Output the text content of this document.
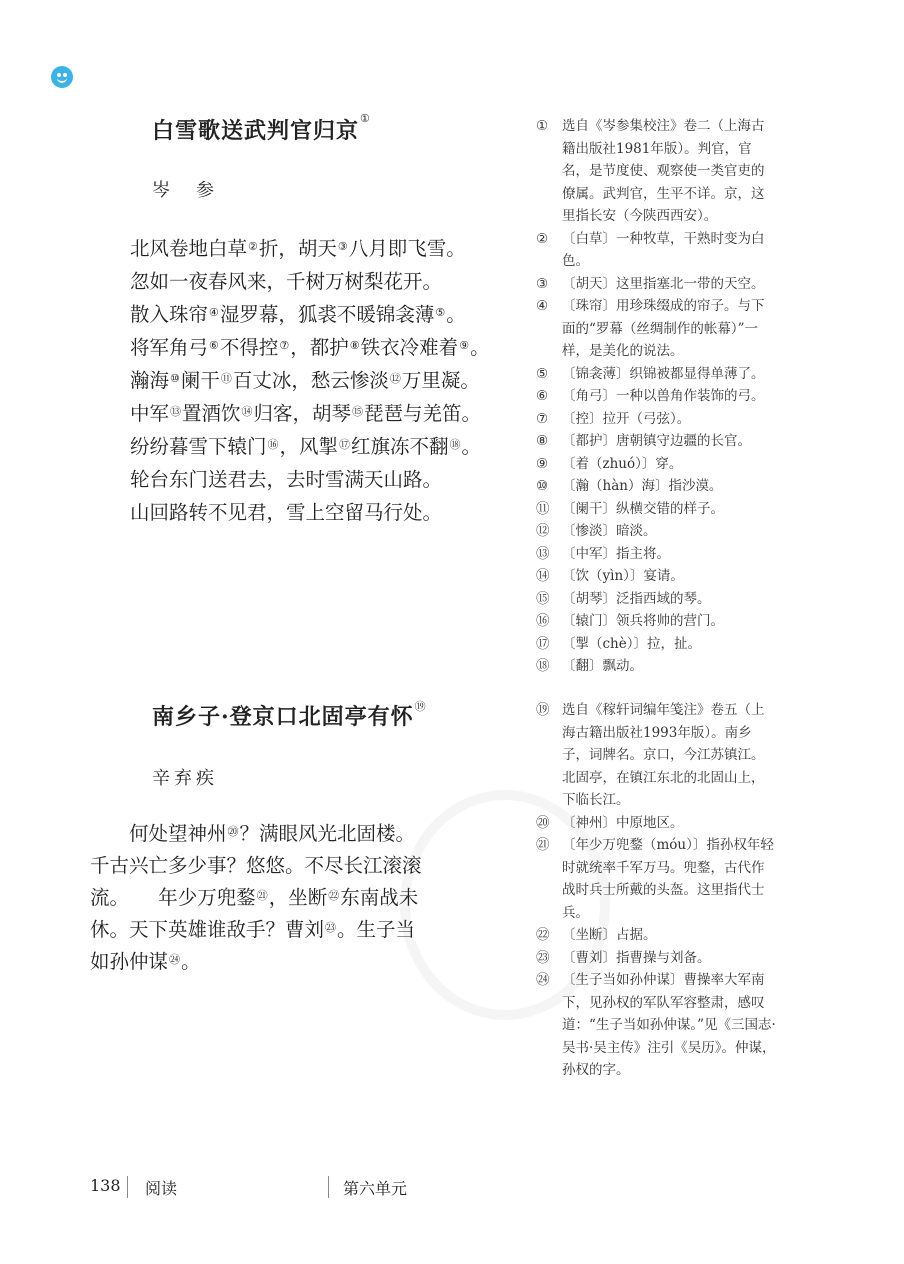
白雪歌送武判官归京①
岑　参
北风卷地白草②折，胡天③八月即飞雪。
忽如一夜春风来，千树万树梨花开。
散入珠帘④湿罗幕，狐裘不暖锦衾薄⑤。
将军角弓⑥不得控⑦，都护⑧铁衣冷难着⑨。
瀚海⑩阑干⑪百丈冰，愁云惨淡⑫万里凝。
中军⑬置酒饮⑭归客，胡琴⑮琵琶与羌笛。
纷纷暮雪下辕门⑯，风掣⑰红旗冻不翻⑱。
轮台东门送君去，去时雪满天山路。
山回路转不见君，雪上空留马行处。
①	选自《岑参集校注》卷二（上海古籍出版社1981年版）。判官，官名，是节度使、观察使一类官吏的僚属。武判官，生平不详。京，这里指长安（今陕西西安）。
②	〔白草〕一种牧草，干熟时变为白色。
③	〔胡天〕这里指塞北一带的天空。
④	〔珠帘〕用珍珠缀成的帘子。与下面的“罗幕（丝绸制作的帐幕）”一样，是美化的说法。
⑤	〔锦衾薄〕织锦被都显得单薄了。
⑥	〔角弓〕一种以兽角作装饰的弓。
⑦	〔控〕拉开（弓弦）。
⑧	〔都护〕唐朝镇守边疆的长官。
⑨	〔着（zhuó）〕穿。
⑩	〔瀚（hàn）海〕指沙漠。
⑪ 〔阑干〕纵横交错的样子。
⑫ 〔惨淡〕暗淡。
⑬ 〔中军〕指主将。
⑭ 〔饮（yìn）〕宴请。
⑮ 〔胡琴〕泛指西域的琴。
⑯ 〔辕门〕领兵将帅的营门。
⑰ 〔掣（chè）〕拉，扯。
⑱ 〔翻〕飘动。
南乡子·登京口北固亭有怀⑲
辛弃疾
　　何处望神州⑳？满眼风光北固楼。
千古兴亡多少事？悠悠。不尽长江滚滚
流。　　年少万兜鍪$^㉑$，坐断$^㉒$东南战未
休。天下英雄谁敌手？曹刘$^㉓$。生子当
如孙仲谋$^㉔$。
⑲ 选自《稼轩词编年笺注》卷五（上海古籍出版社1993年版）。南乡子，词牌名。京口，今江苏镇江。北固亭，在镇江东北的北固山上，下临长江。
⑳ 〔神州〕中原地区。
㉑ 〔年少万兜鍪（móu）〕指孙权年轻时就统率千军万马。兜鍪，古代作战时兵士所戴的头盔。这里指代士兵。
㉒ 〔坐断〕占据。
㉓ 〔曹刘〕指曹操与刘备。
㉔ 〔生子当如孙仲谋〕曹操率大军南下，见孙权的军队军容整肃，感叹道：“生子当如孙仲谋。”见《三国志·吴书·吴主传》注引《吴历》。仲谋，孙权的字。
138 阅读	第六单元
